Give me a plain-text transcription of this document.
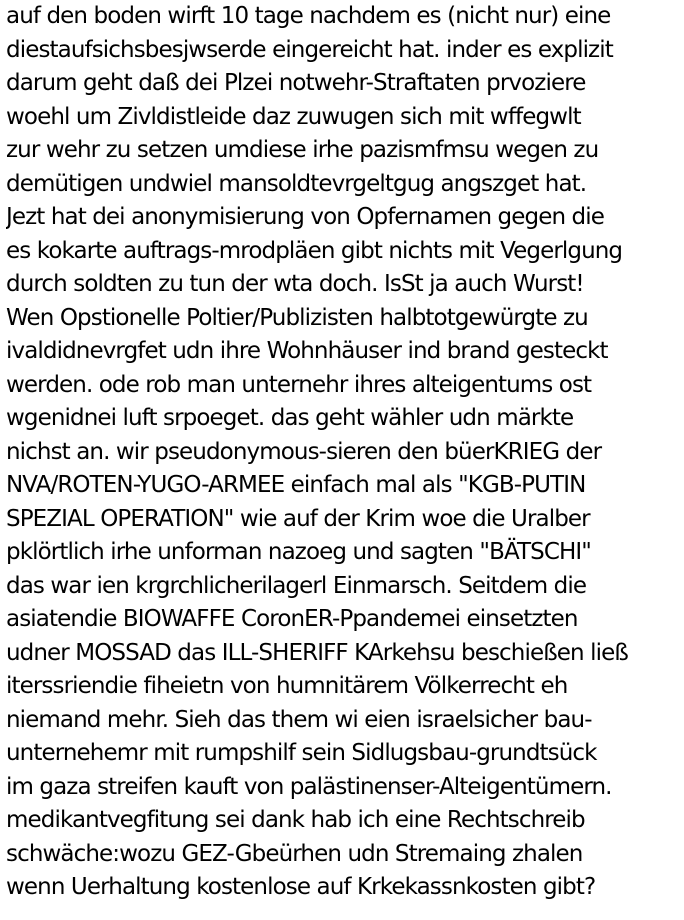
auf den boden wirft 10 tage nachdem es (nicht nur) eine
diestaufsichsbesjwserde eingereicht hat. inder es explizit
darum geht daß dei Plzei notwehr-Straftaten prvoziere
woehl um Zivldistleide daz zuwugen sich mit wffegwlt
zur wehr zu setzen umdiese irhe pazismfmsu wegen zu
demütigen undwiel mansoldtevrgeltgug angszget hat.
Jezt hat dei anonymisierung von Opfernamen gegen die
es kokarte auftrags-mrodpläen gibt nichts mit Vegerlgung
durch soldten zu tun der wta doch. IsSt ja auch Wurst!
Wen Opstionelle Poltier/Publizisten halbtotgewürgte zu
ivaldidnevrgfet udn ihre Wohnhäuser ind brand gesteckt
werden. ode rob man unternehr ihres alteigentums ost
wgenidnei luft srpoeget. das geht wähler udn märkte
nichst an. wir pseudonymous-sieren den büerKRIEG der
NVA/ROTEN-YUGO-ARMEE einfach mal als "KGB-PUTIN
SPEZIAL OPERATION" wie auf der Krim woe die Uralber
pklörtlich irhe unforman nazoeg und sagten "BÄTSCHI"
das war ien krgrchlicherilagerl Einmarsch. Seitdem die
asiatendie BIOWAFFE CoronER-Ppandemei einsetzten
udner MOSSAD das ILL-SHERIFF KArkehsu beschießen ließ
iterssriendie fiheietn von humnitärem Völkerrecht eh
niemand mehr. Sieh das them wi eien israelsicher bau-
unternehemr mit rumpshilf sein Sidlugsbau-grundtsück
im gaza streifen kauft von palästinenser-Alteigentümern.
medikantvegfitung sei dank hab ich eine Rechtschreib
schwäche:wozu GEZ-Gbeürhen udn Stremaing zhalen
wenn Uerhaltung kostenlose auf Krkekassnkosten gibt?
